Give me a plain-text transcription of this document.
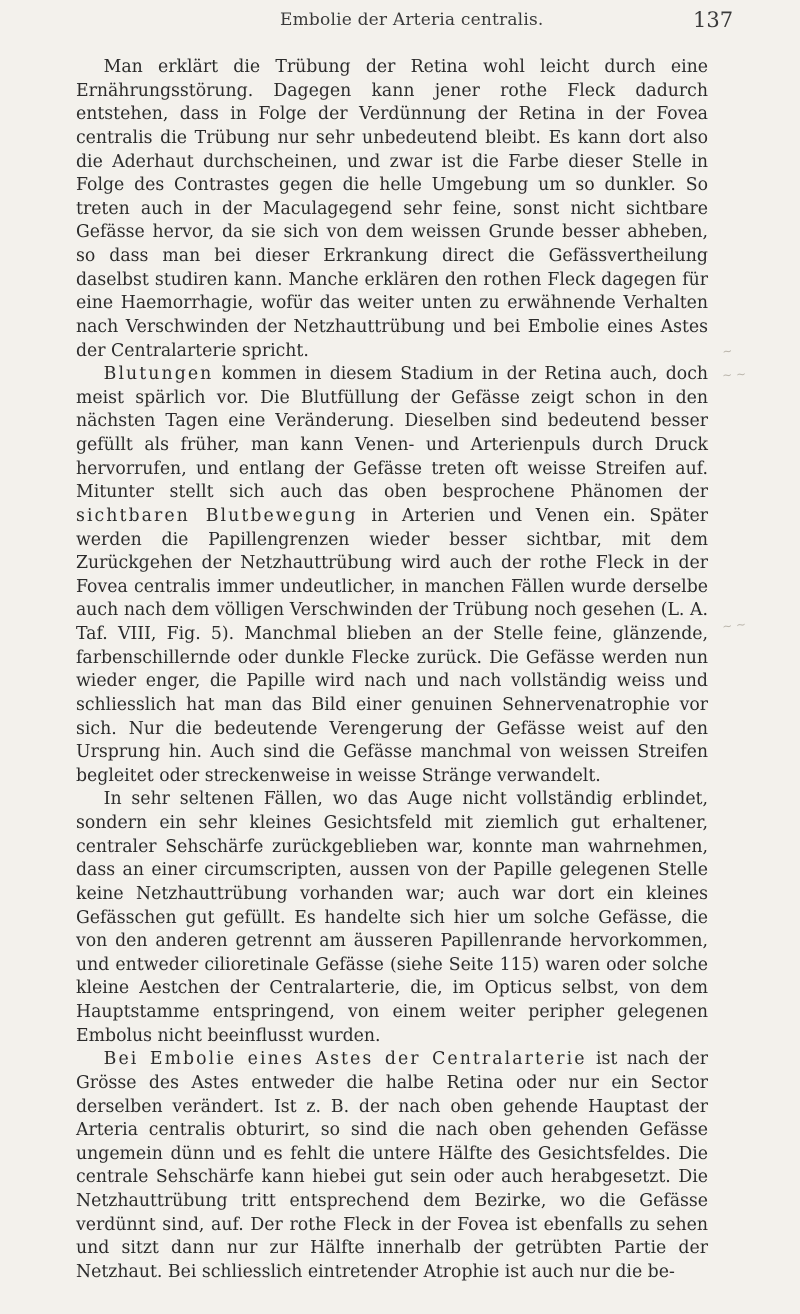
Embolie der Arteria centralis.	137

Man erklärt die Trübung der Retina wohl leicht durch eine Ernährungsstörung. Dagegen kann jener rothe Fleck dadurch entstehen, dass in Folge der Verdünnung der Retina in der Fovea centralis die Trübung nur sehr unbedeutend bleibt. Es kann dort also die Aderhaut durchscheinen, und zwar ist die Farbe dieser Stelle in Folge des Contrastes gegen die helle Umgebung um so dunkler. So treten auch in der Maculagegend sehr feine, sonst nicht sichtbare Gefässe hervor, da sie sich von dem weissen Grunde besser abheben, so dass man bei dieser Erkrankung direct die Gefässvertheilung daselbst studiren kann. Manche erklären den rothen Fleck dagegen für eine Haemorrhagie, wofür das weiter unten zu erwähnende Verhalten nach Verschwinden der Netzhauttrübung und bei Embolie eines Astes der Centralarterie spricht.

Blutungen kommen in diesem Stadium in der Retina auch, doch meist spärlich vor. Die Blutfüllung der Gefässe zeigt schon in den nächsten Tagen eine Veränderung. Dieselben sind bedeutend besser gefüllt als früher, man kann Venen- und Arterienpuls durch Druck hervorrufen, und entlang der Gefässe treten oft weisse Streifen auf. Mitunter stellt sich auch das oben besprochene Phänomen der sichtbaren Blutbewegung in Arterien und Venen ein. Später werden die Papillengrenzen wieder besser sichtbar, mit dem Zurückgehen der Netzhauttrübung wird auch der rothe Fleck in der Fovea centralis immer undeutlicher, in manchen Fällen wurde derselbe auch nach dem völligen Verschwinden der Trübung noch gesehen (L. A. Taf. VIII, Fig. 5). Manchmal blieben an der Stelle feine, glänzende, farbenschillernde oder dunkle Flecke zurück. Die Gefässe werden nun wieder enger, die Papille wird nach und nach vollständig weiss und schliesslich hat man das Bild einer genuinen Sehnervenatrophie vor sich. Nur die bedeutende Verengerung der Gefässe weist auf den Ursprung hin. Auch sind die Gefässe manchmal von weissen Streifen begleitet oder streckenweise in weisse Stränge verwandelt.

In sehr seltenen Fällen, wo das Auge nicht vollständig erblindet, sondern ein sehr kleines Gesichtsfeld mit ziemlich gut erhaltener, centraler Sehschärfe zurückgeblieben war, konnte man wahrnehmen, dass an einer circumscripten, aussen von der Papille gelegenen Stelle keine Netzhauttrübung vorhanden war; auch war dort ein kleines Gefässchen gut gefüllt. Es handelte sich hier um solche Gefässe, die von den anderen getrennt am äusseren Papillenrande hervorkommen, und entweder cilioretinale Gefässe (siehe Seite 115) waren oder solche kleine Aestchen der Centralarterie, die, im Opticus selbst, von dem Hauptstamme entspringend, von einem weiter peripher gelegenen Embolus nicht beeinflusst wurden.

Bei Embolie eines Astes der Centralarterie ist nach der Grösse des Astes entweder die halbe Retina oder nur ein Sector derselben verändert. Ist z. B. der nach oben gehende Hauptast der Arteria centralis obturirt, so sind die nach oben gehenden Gefässe ungemein dünn und es fehlt die untere Hälfte des Gesichtsfeldes. Die centrale Sehschärfe kann hiebei gut sein oder auch herabgesetzt. Die Netzhauttrübung tritt entsprechend dem Bezirke, wo die Gefässe verdünnt sind, auf. Der rothe Fleck in der Fovea ist ebenfalls zu sehen und sitzt dann nur zur Hälfte innerhalb der getrübten Partie der Netzhaut. Bei schliesslich eintretender Atrophie ist auch nur die be-

~
~ ~
~ ~
